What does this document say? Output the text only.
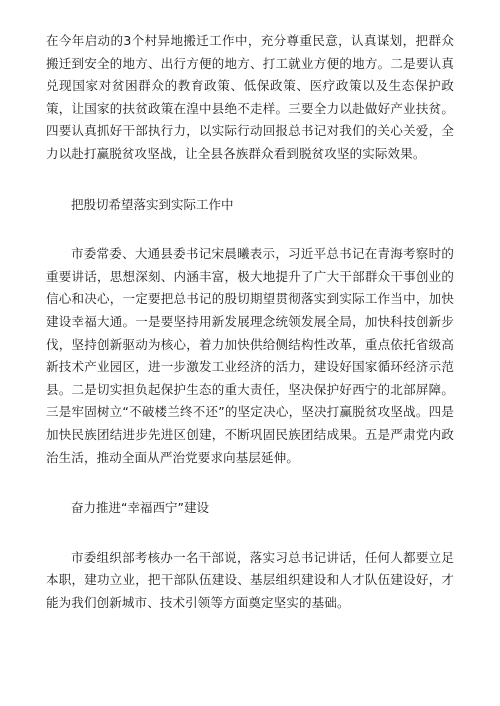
在今年启动的3个村异地搬迁工作中，充分尊重民意，认真谋划，把群众搬迁到安全的地方、出行方便的地方、打工就业方便的地方。二是要认真兑现国家对贫困群众的教育政策、低保政策、医疗政策以及生态保护政策，让国家的扶贫政策在湟中县绝不走样。三要全力以赴做好产业扶贫。四要认真抓好干部执行力，以实际行动回报总书记对我们的关心关爱，全力以赴打赢脱贫攻坚战，让全县各族群众看到脱贫攻坚的实际效果。

把殷切希望落实到实际工作中

市委常委、大通县委书记宋晨曦表示，习近平总书记在青海考察时的重要讲话，思想深刻、内涵丰富，极大地提升了广大干部群众干事创业的信心和决心，一定要把总书记的殷切期望贯彻落实到实际工作当中，加快建设幸福大通。一是要坚持用新发展理念统领发展全局，加快科技创新步伐，坚持创新驱动为核心，着力加快供给侧结构性改革，重点依托省级高新技术产业园区，进一步激发工业经济的活力，建设好国家循环经济示范县。二是切实担负起保护生态的重大责任，坚决保护好西宁的北部屏障。三是牢固树立“不破楼兰终不还”的坚定决心，坚决打赢脱贫攻坚战。四是加快民族团结进步先进区创建，不断巩固民族团结成果。五是严肃党内政治生活，推动全面从严治党要求向基层延伸。

奋力推进“幸福西宁”建设

市委组织部考核办一名干部说，落实习总书记讲话，任何人都要立足本职，建功立业，把干部队伍建设、基层组织建设和人才队伍建设好，才能为我们创新城市、技术引领等方面奠定坚实的基础。
